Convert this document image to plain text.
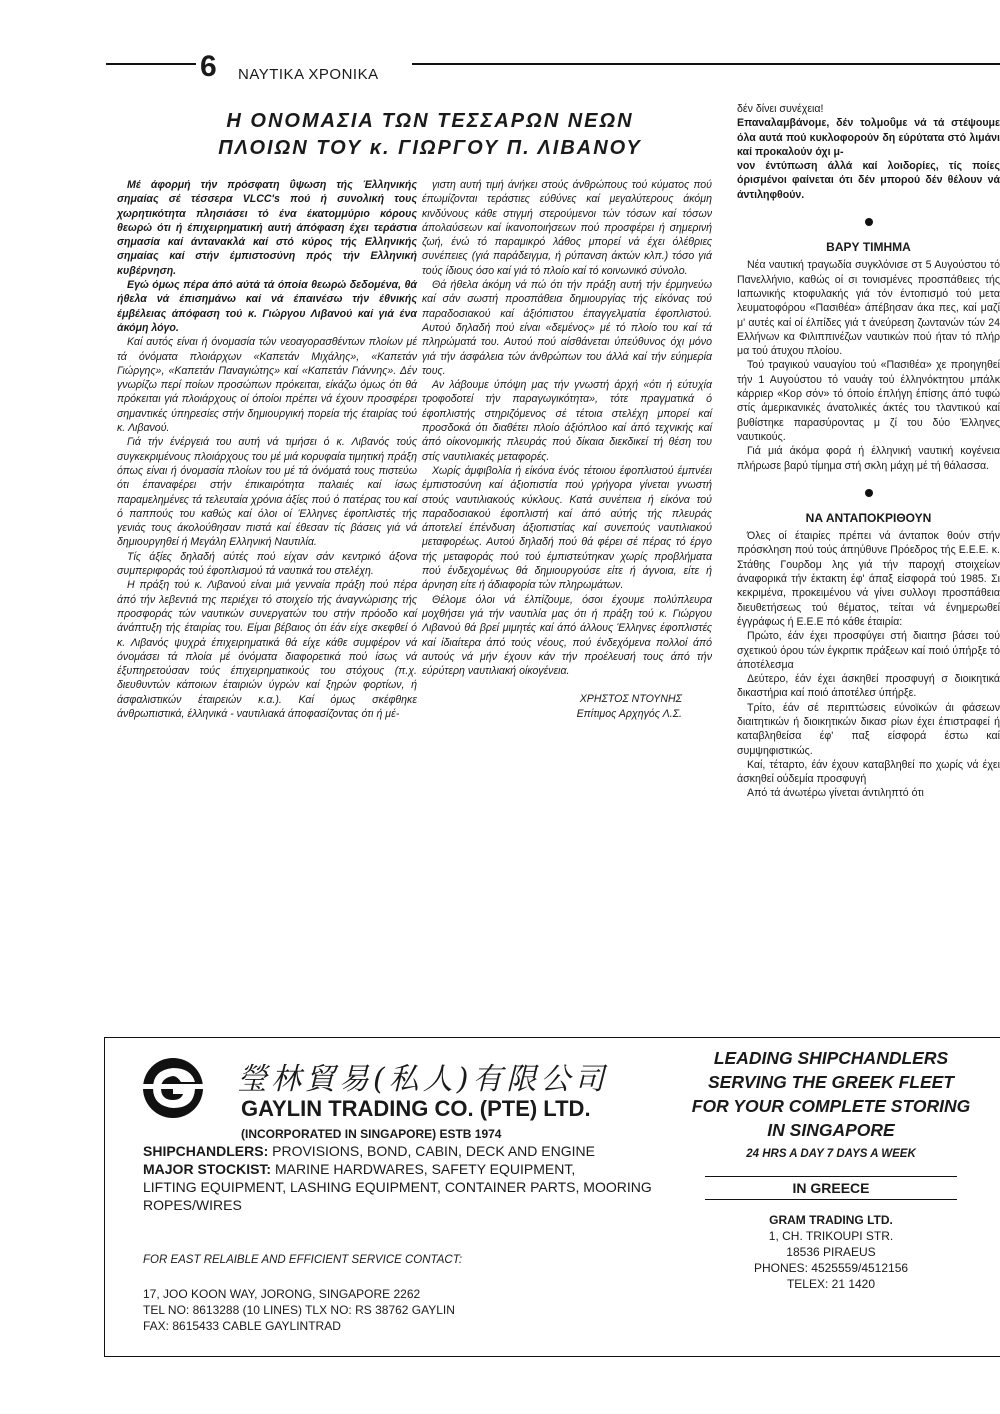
6 ΝΑΥΤΙΚΑ ΧΡΟΝΙΚΑ
Η ΟΝΟΜΑΣΙΑ ΤΩΝ ΤΕΣΣΑΡΩΝ ΝΕΩΝ
ΠΛΟΙΩΝ ΤΟΥ κ. ΓΙΩΡΓΟΥ Π. ΛΙΒΑΝΟΥ

Μέ άφορμή τήν πρόσφατη ΰψωση τής Έλληνικής σημαίας σέ τέσσερα VLCC's πού ή συνολική τους χωρητικότητα πλησιάσει τό ένα έκατομμύριο κόρους θεωρώ ότι ή έπιχειρηματική αυτή άπόφαση έχει τεράστια σημασία καί άντανακλά καί στό κύρος τής Ελληνικής σημαίας καί στήν έμπιστοσύνη πρός τήν Ελληνική κυβέρνηση.

Εγώ όμως πέρα άπό αύτά τά όποία θεωρώ δεδομένα, θά ήθελα νά έπισημάνω καί νά έπαινέσω τήν έθνικής έμβέλειας άπόφαση τού κ. Γιώργου Λιβανού καί γιά ένα άκόμη λόγο.

Καί αυτός είναι ή όνομασία τών νεοαγορασθέντων πλοίων μέ τά όνόματα πλοιάρχων «Καπετάν Μιχάλης», «Καπετάν Γιώργης», «Καπετάν Παναγιώτης» καί «Καπετάν Γιάννης». Δέν γνωρίζω περί ποίων προσώπων πρόκειται, είκάζω όμως ότι θά πρόκειται γιά πλοιάρχους οί όποίοι πρέπει νά έχουν προσφέρει σημαντικές ύπηρεσίες στήν δημιουργική πορεία τής έταιρίας τού κ. Λιβανού.

Γιά τήν ένέργειά του αυτή νά τιμήσει ό κ. Λιβανός τούς συγκεκριμένους πλοιάρχους του μέ μιά κορυφαία τιμητική πράξη όπως είναι ή όνομασία πλοίων του μέ τά όνόματά τους πιστεύω ότι έπαναφέρει στήν έπικαιρότητα παλαιές καί ίσως παραμελημένες τά τελευταία χρόνια άξίες πού ό πατέρας του καί ό παππούς του καθώς καί όλοι οί Έλληνες έφοπλιστές τής γενιάς τους άκολούθησαν πιστά καί έθεσαν τίς βάσεις γιά νά δημιουργηθεί ή Μεγάλη Ελληνική Ναυτιλία.

Τίς άξίες δηλαδή αύτές πού είχαν σάν κεντρικό άξονα συμπεριφοράς τού έφοπλισμού τά ναυτικά του στελέχη.

Η πράξη τού κ. Λιβανού είναι μιά γενναία πράξη πού πέρα άπό τήν λεβεντιά της περιέχει τό στοιχείο τής άναγνώρισης τής προσφοράς τών ναυτικών συνεργατών του στήν πρόοδο καί άνάπτυξη τής έταιρίας του. Είμαι βέβαιος ότι έάν είχε σκεφθεί ό κ. Λιβανός ψυχρά έπιχειρηματικά θά είχε κάθε συμφέρον νά όνομάσει τά πλοία μέ όνόματα διαφορετικά πού ίσως νά έξυπηρετούσαν τούς έπιχειρηματικούς του στόχους (π.χ. διευθυντών κάποιων έταιριών ύγρών καί ξηρών φορτίων, ή άσφαλιστικών έταιρειών κ.α.). Καί όμως σκέφθηκε άνθρωπιστικά, έλληνικά - ναυτιλιακά άποφασίζοντας ότι ή μέ-

γιστη αυτή τιμή άνήκει στούς άνθρώπους τού κύματος πού έπωμίζονται τεράστιες εύθύνες καί μεγαλύτερους άκόμη κινδύνους κάθε στιγμή στερούμενοι τών τόσων καί τόσων άπολαύσεων καί ίκανοποιήσεων πού προσφέρει ή σημερινή ζωή, ένώ τό παραμικρό λάθος μπορεί νά έχει όλέθριες συνέπειες (γιά παράδειγμα, ή ρύπανση άκτών κλπ.) τόσο γιά τούς ίδιους όσο καί γιά τό πλοίο καί τό κοινωνικό σύνολο.

Θά ήθελα άκόμη νά πώ ότι τήν πράξη αυτή τήν έρμηνεύω καί σάν σωστή προσπάθεια δημιουργίας τής είκόνας τού παραδοσιακού καί άξιόπιστου έπαγγελματία έφοπλιστού. Αυτού δηλαδή πού είναι «δεμένος» μέ τό πλοίο του καί τά πληρώματά του. Αυτού πού αίσθάνεται ύπεύθυνος όχι μόνο γιά τήν άσφάλεια τών άνθρώπων του άλλά καί τήν εύημερία τους.

Αν λάβουμε ύπόψη μας τήν γνωστή άρχή «ότι ή εύτυχία τροφοδοτεί τήν παραγωγικότητα», τότε πραγματικά ό έφοπλιστής στηριζόμενος σέ τέτοια στελέχη μπορεί καί προσδοκά ότι διαθέτει πλοίο άξιόπλοο καί άπό τεχνικής καί άπό οίκονομικής πλευράς πού δίκαια διεκδικεί τή θέση του στίς ναυτιλιακές μεταφορές.

Χωρίς άμφιβολία ή είκόνα ένός τέτοιου έφοπλιστού έμπνέει έμπιστοσύνη καί άξιοπιστία πού γρήγορα γίνεται γνωστή στούς ναυτιλιακούς κύκλους. Κατά συνέπεια ή είκόνα τού παραδοσιακού έφοπλιστή καί άπό αύτής τής πλευράς άποτελεί έπένδυση άξιοπιστίας καί συνεπούς ναυτιλιακού μεταφορέως. Αυτού δηλαδή πού θά φέρει σέ πέρας τό έργο τής μεταφοράς πού τού έμπιστεύτηκαν χωρίς προβλήματα πού ένδεχομένως θά δημιουργούσε είτε ή άγνοια, είτε ή άρνηση είτε ή άδιαφορία τών πληρωμάτων.

Θέλομε όλοι νά έλπίζουμε, όσοι έχουμε πολύπλευρα μοχθήσει γιά τήν ναυτιλία μας ότι ή πράξη τού κ. Γιώργου Λιβανού θά βρεί μιμητές καί άπό άλλους Έλληνες έφοπλιστές καί ίδιαίτερα άπό τούς νέους, πού ένδεχόμενα πολλοί άπό αυτούς νά μήν έχουν κάν τήν προέλευσή τους άπό τήν εύρύτερη ναυτιλιακή οίκογένεια.

ΧΡΗΣΤΟΣ ΝΤΟΥΝΗΣ
Επίτιμος Αρχηγός Λ.Σ.

δέν δίνει συνέχεια!

Επαναλαμβάνομε, δέν τολμοΰμε νά τά στέψουμε όλα αυτά πού κυκλοφορούν δη εύρύτατα στό λιμάνι καί προκαλούν όχι μ-

νον έντύπωση άλλά καί λοιδορίες, τίς ποίες όρισμένοι φαίνεται ότι δέν μπορού δέν θέλουν νά άντιληφθούν.

ΒΑΡΥ ΤΙΜΗΜΑ

Νέα ναυτική τραγωδία συγκλόνισε στ 5 Αυγούστου τό Πανελλήνιο, καθώς οί σι τονισμένες προσπάθειες τής Ιαπωνικής κτοφυλακής γιά τόν έντοπισμό τού μετα λευματοφόρου «Πασιθέα» άπέβησαν άκα πες, καί μαζί μ' αυτές καί οί έλπίδες γιά τ άνεύρεση ζωντανών τών 24 Ελλήνων κα Φιλιππινέζων ναυτικών πού ήταν τό πλήρ μα τού άτυχου πλοίου.

Τού τραγικού ναυαγίου τού «Πασιθέα» χε προηγηθεί τήν 1 Αυγούστου τό ναυάγ τού έλληνόκτητου μπάλκ κάρριερ «Κορ σόν» τό όποίο έπλήγη έπίσης άπό τυφώ στίς άμερικανικές άνατολικές άκτές του τλαντικού καί βυθίστηκε παρασύροντας μ ζί του δύο Έλληνες ναυτικούς.

Γιά μιά άκόμα φορά ή έλληνική ναυτική κογένεια πλήρωσε βαρύ τίμημα στή σκλη μάχη μέ τή θάλασσα.

ΝΑ ΑΝΤΑΠΟΚΡΙΘΟΥΝ

Όλες οί έταιρίες πρέπει νά άνταποκ θούν στήν πρόσκληση πού τούς άπηύθυνε Πρόεδρος τής Ε.Ε.Ε. κ. Στάθης Γουρδομ λης γιά τήν παροχή στοιχείων άναφορικά τήν έκτακτη έφ' άπαξ είσφορά τού 1985. Σι κεκριμένα, προκειμένου νά γίνει συλλογι προσπάθεια διευθετήσεως τού θέματος, τείται νά ένημερωθεί έγγράφως ή Ε.Ε.Ε πό κάθε έταιρία:

Πρώτο, έάν έχει προσφύγει στή διαιτησ βάσει τού σχετικού όρου τών έγκριτικ πράξεων καί ποιό ύπήρξε τό άποτέλεσμα

Δεύτερο, έάν έχει άσκηθεί προσφυγή σ διοικητικά δικαστήρια καί ποιό άποτέλεσ ύπήρξε.

Τρίτο, έάν σέ περιπτώσεις εύνοϊκών άι φάσεων διαιτητικών ή διοικητικών δικασ ρίων έχει έπιστραφεί ή καταβληθείσα έφ' παξ είσφορά έστω καί συμψηφιστικώς.

Καί, τέταρτο, έάν έχουν καταβληθεί πο χωρίς νά έχει άσκηθεί ούδεμία προσφυγή

Από τά άνωτέρω γίνεται άντιληπτό ότι

瑩林貿易(私人)有限公司
GAYLIN TRADING CO. (PTE) LTD.
(INCORPORATED IN SINGAPORE) ESTB 1974
SHIPCHANDLERS: PROVISIONS, BOND, CABIN, DECK AND ENGINE
MAJOR STOCKIST: MARINE HARDWARES, SAFETY EQUIPMENT,
LIFTING EQUIPMENT, LASHING EQUIPMENT, CONTAINER PARTS, MOORING ROPES/WIRES
FOR EAST RELAIBLE AND EFFICIENT SERVICE CONTACT:
17, JOO KOON WAY, JORONG, SINGAPORE 2262
TEL NO: 8613288 (10 LINES) TLX NO: RS 38762 GAYLIN
FAX: 8615433 CABLE GAYLINTRAD
LEADING SHIPCHANDLERS
SERVING THE GREEK FLEET
FOR YOUR COMPLETE STORING
IN SINGAPORE
24 HRS A DAY 7 DAYS A WEEK
IN GREECE
GRAM TRADING LTD.
1, CH. TRIKOUPI STR.
18536 PIRAEUS
PHONES: 4525559/4512156
TELEX: 21 1420
